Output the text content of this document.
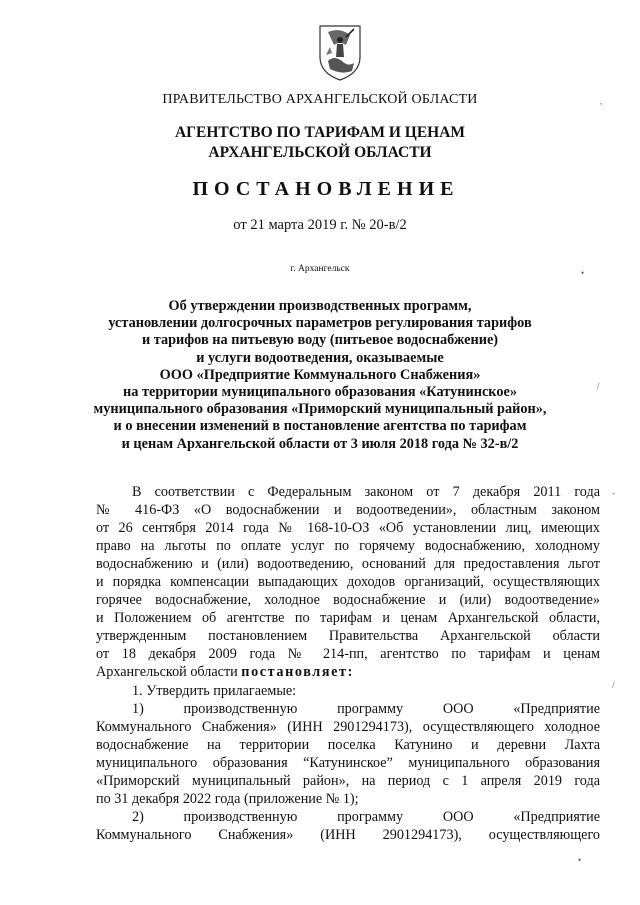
ПРАВИТЕЛЬСТВО АРХАНГЕЛЬСКОЙ ОБЛАСТИ
АГЕНТСТВО ПО ТАРИФАМ И ЦЕНАМ
АРХАНГЕЛЬСКОЙ ОБЛАСТИ
ПОСТАНОВЛЕНИЕ
от 21 марта 2019 г. № 20-в/2
г. Архангельск
Об утверждении производственных программ,
установлении долгосрочных параметров регулирования тарифов
и тарифов на питьевую воду (питьевое водоснабжение)
и услуги водоотведения, оказываемые
ООО «Предприятие Коммунального Снабжения»
на территории муниципального образования «Катунинское»
муниципального образования «Приморский муниципальный район»,
и о внесении изменений в постановление агентства по тарифам
и ценам Архангельской области от 3 июля 2018 года № 32-в/2
В соответствии с Федеральным законом от 7 декабря 2011 года
№ 416-ФЗ «О водоснабжении и водоотведении», областным законом
от 26 сентября 2014 года № 168-10-ОЗ «Об установлении лиц, имеющих
право на льготы по оплате услуг по горячему водоснабжению, холодному
водоснабжению и (или) водоотведению, оснований для предоставления льгот
и порядка компенсации выпадающих доходов организаций, осуществляющих
горячее водоснабжение, холодное водоснабжение и (или) водоотведение»
и Положением об агентстве по тарифам и ценам Архангельской области,
утвержденным постановлением Правительства Архангельской области
от 18 декабря 2009 года № 214-пп, агентство по тарифам и ценам
Архангельской области постановляет:
1. Утвердить прилагаемые:
1) производственную программу ООО «Предприятие
Коммунального Снабжения» (ИНН 2901294173), осуществляющего холодное
водоснабжение на территории поселка Катунино и деревни Лахта
муниципального образования “Катунинское” муниципального образования
«Приморский муниципальный район», на период с 1 апреля 2019 года
по 31 декабря 2022 года (приложение № 1);
2) производственную программу ООО «Предприятие
Коммунального Снабжения» (ИНН 2901294173), осуществляющего
,
•
/
-
/
•
